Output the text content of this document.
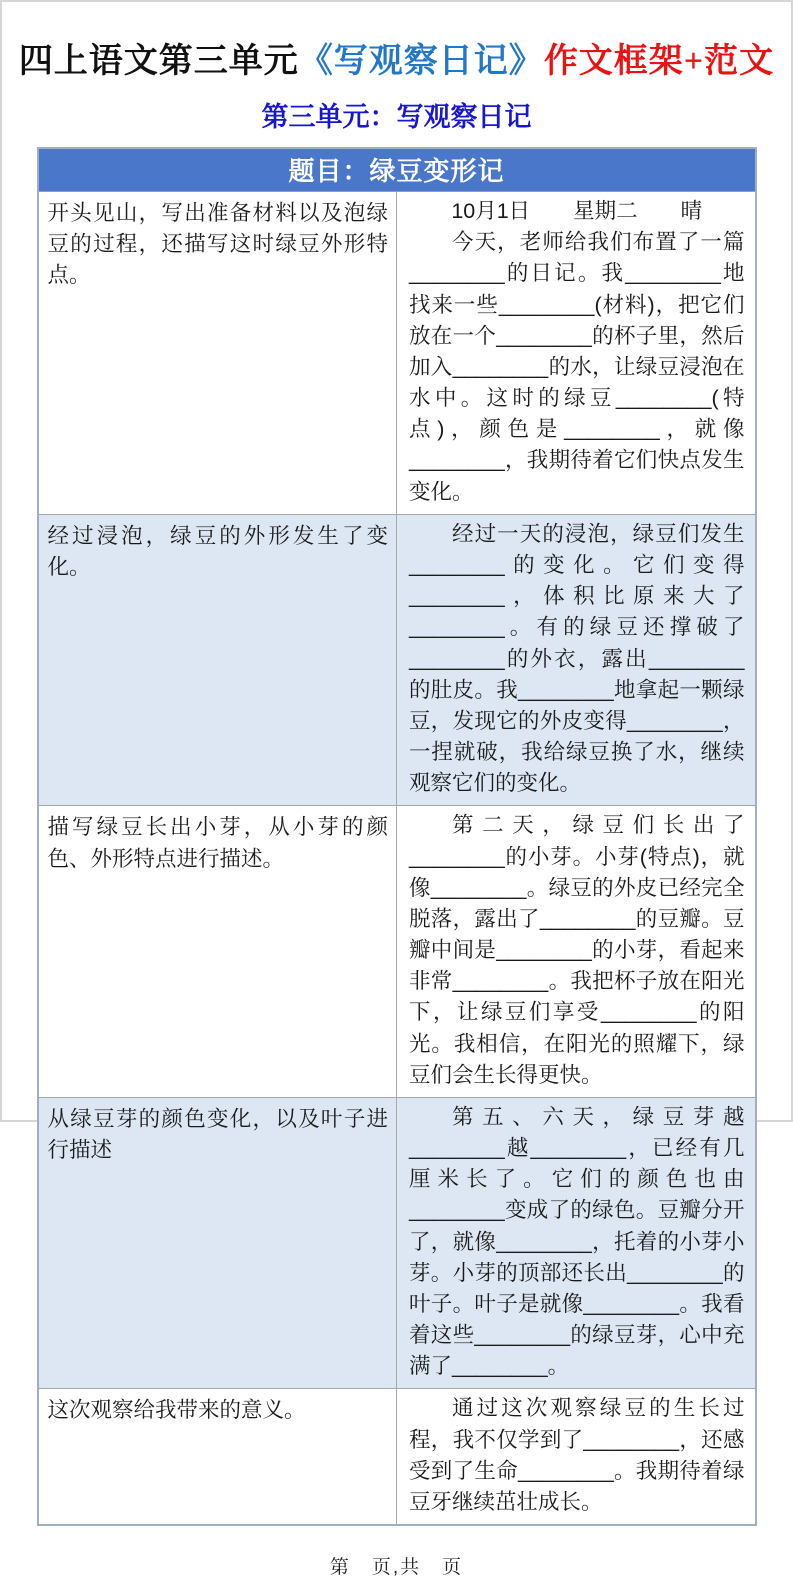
四上语文第三单元《写观察日记》作文框架+范文
第三单元：写观察日记
题目：绿豆变形记	
开头见山，写出准备材料以及泡绿豆的过程，还描写这时绿豆外形特点。	10月1日　　星期二　　晴
今天，老师给我们布置了一篇________的日记。我________地找来一些________(材料)，把它们放在一个________的杯子里，然后加入________的水，让绿豆浸泡在水中。这时的绿豆________(特点)，颜色是________，就像________，我期待着它们快点发生变化。

经过浸泡，绿豆的外形发生了变化。	经过一天的浸泡，绿豆们发生________的变化。它们变得________，体积比原来大了________。有的绿豆还撑破了________的外衣，露出________的肚皮。我________地拿起一颗绿豆，发现它的外皮变得________，一捏就破，我给绿豆换了水，继续观察它们的变化。

描写绿豆长出小芽，从小芽的颜色、外形特点进行描述。	第二天，绿豆们长出了________的小芽。小芽(特点)，就像________。绿豆的外皮已经完全脱落，露出了________的豆瓣。豆瓣中间是________的小芽，看起来非常________。我把杯子放在阳光下，让绿豆们享受________的阳光。我相信，在阳光的照耀下，绿豆们会生长得更快。

从绿豆芽的颜色变化，以及叶子进行描述	第五、六天，绿豆芽越________越________，已经有几厘米长了。它们的颜色也由________变成了的绿色。豆瓣分开了，就像________，托着的小芽小芽。小芽的顶部还长出________的叶子。叶子是就像________。我看着这些________的绿豆芽，心中充满了________。

这次观察给我带来的意义。	通过这次观察绿豆的生长过程，我不仅学到了________，还感受到了生命________。我期待着绿豆牙继续茁壮成长。
第　页,共　页
